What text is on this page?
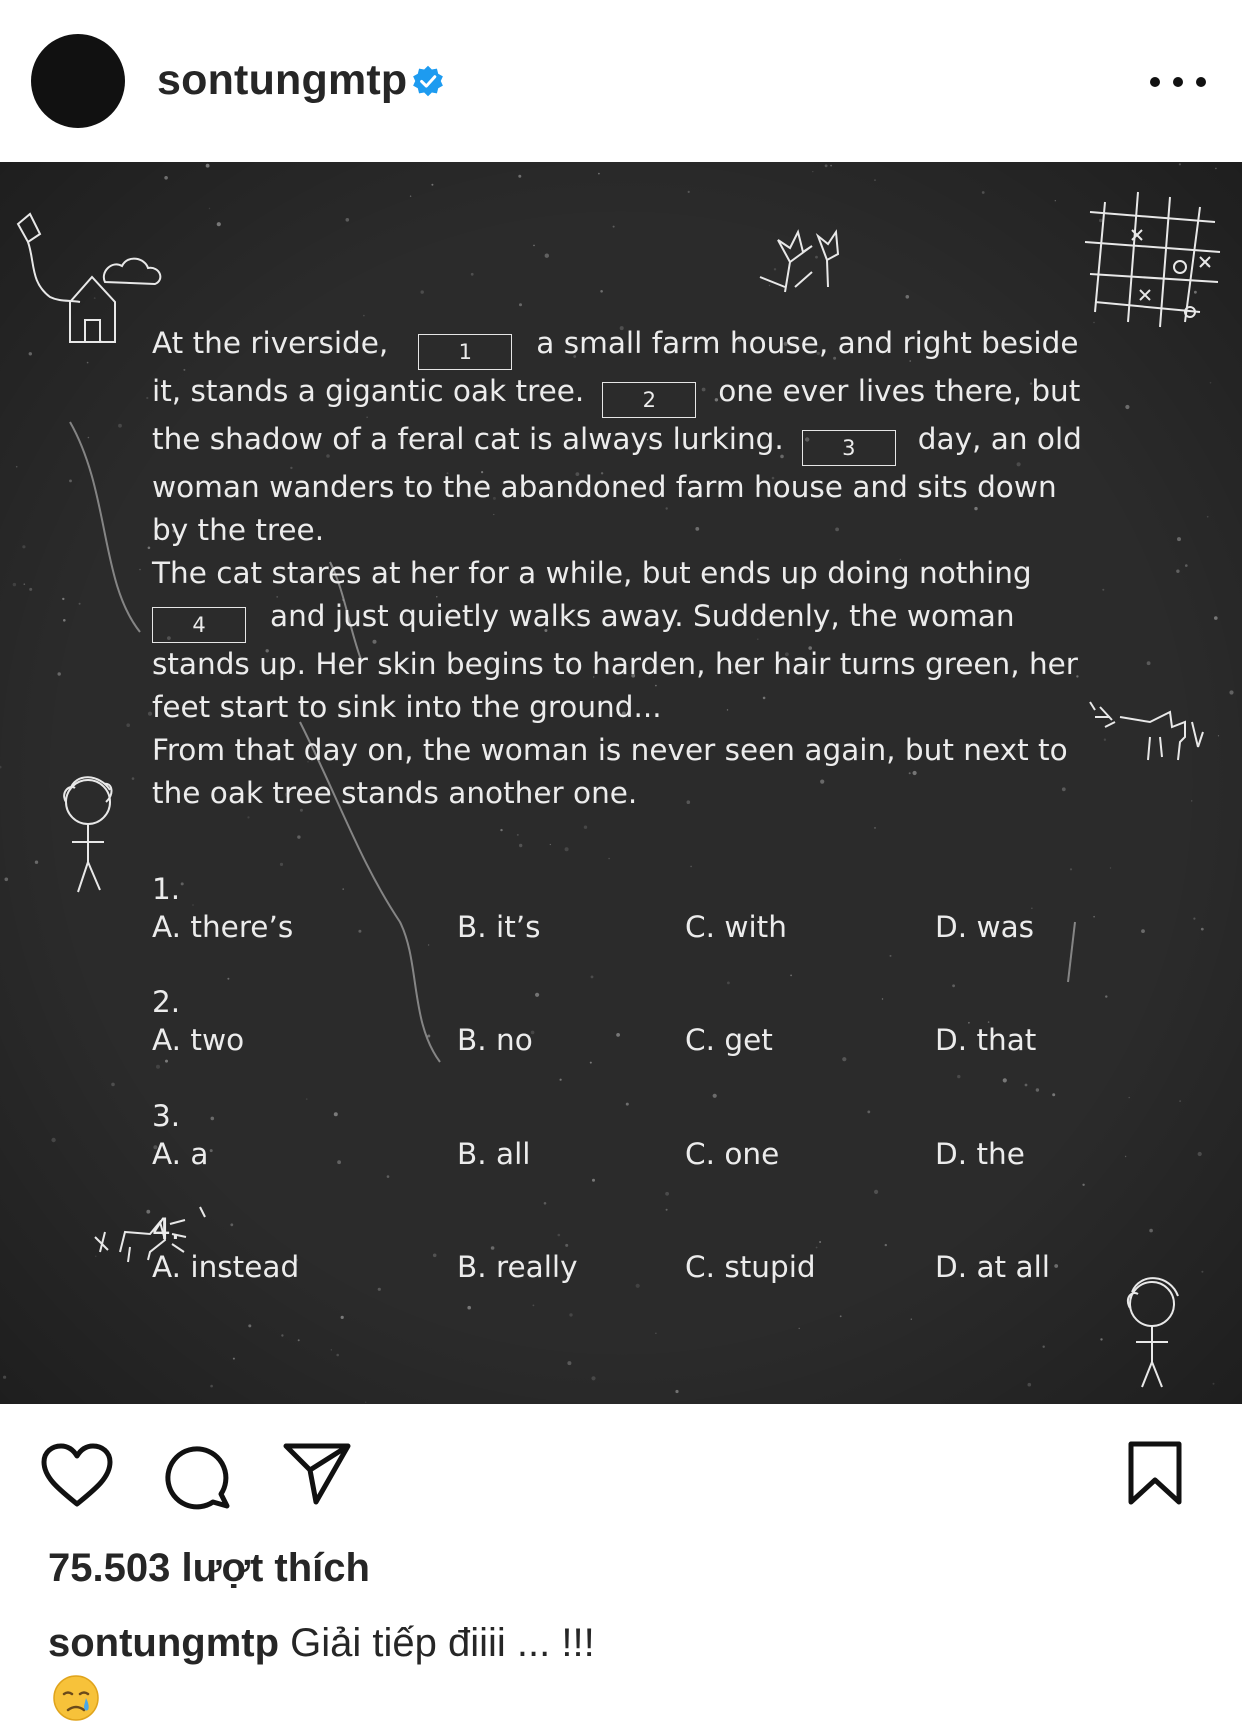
sontungmtp

At the riverside,	1 a small farm house, and right beside it, stands a gigantic oak tree.	2 one ever lives there, but the shadow of a feral cat is always lurking.	3 day, an old woman wanders to the abandoned farm house and sits down by the tree.

The cat stares at her for a while, but ends up doing nothing 4 and just quietly walks away. Suddenly, the woman stands up. Her skin begins to harden, her hair turns green, her feet start to sink into the ground...

From that day on, the woman is never seen again, but next to the oak tree stands another one.

1.
A. there’s	B. it’s	C. with	D. was
2.
A. two	B. no	C. get	D. that
3.
A. a	B. all	C. one	D. the
4.
A. instead	B. really	C. stupid	D. at all
75.503 lượt thích
sontungmtp Giải tiếp điiii ... !!!
